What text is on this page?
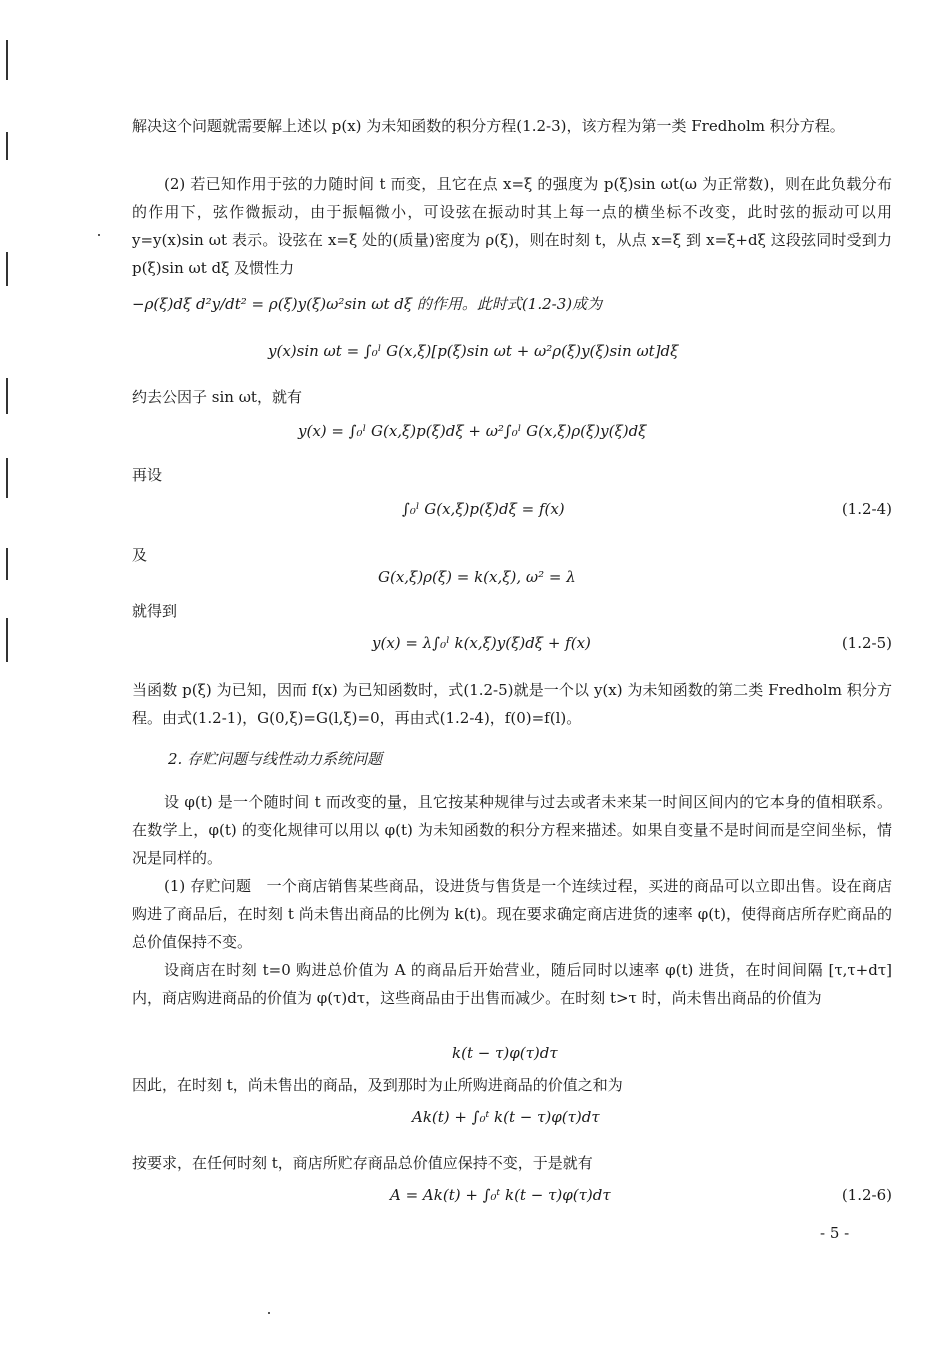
解决这个问题就需要解上述以 p(x) 为未知函数的积分方程(1.2-3)，该方程为第一类 Fredholm 积分方程。
(2) 若已知作用于弦的力随时间 t 而变，且它在点 x=ξ 的强度为 p(ξ)sin ωt(ω 为正常数)，则在此负载分布的作用下，弦作微振动，由于振幅微小，可设弦在振动时其上每一点的横坐标不改变，此时弦的振动可以用 y=y(x)sin ωt 表示。设弦在 x=ξ 处的(质量)密度为 ρ(ξ)，则在时刻 t，从点 x=ξ 到 x=ξ+dξ 这段弦同时受到力 p(ξ)sin ωt dξ 及惯性力
−ρ(ξ)dξ d²y/dt² = ρ(ξ)y(ξ)ω²sin ωt dξ 的作用。此时式(1.2-3)成为
y(x)sin ωt = ∫₀ˡ G(x,ξ)[p(ξ)sin ωt + ω²ρ(ξ)y(ξ)sin ωt]dξ
约去公因子 sin ωt，就有
y(x) = ∫₀ˡ G(x,ξ)p(ξ)dξ + ω²∫₀ˡ G(x,ξ)ρ(ξ)y(ξ)dξ
再设
∫₀ˡ G(x,ξ)p(ξ)dξ = f(x)	(1.2-4)
及
G(x,ξ)ρ(ξ) = k(x,ξ), ω² = λ
就得到
y(x) = λ∫₀ˡ k(x,ξ)y(ξ)dξ + f(x)	(1.2-5)
当函数 p(ξ) 为已知，因而 f(x) 为已知函数时，式(1.2-5)就是一个以 y(x) 为未知函数的第二类 Fredholm 积分方程。由式(1.2-1)，G(0,ξ)=G(l,ξ)=0，再由式(1.2-4)，f(0)=f(l)。
2. 存贮问题与线性动力系统问题
设 φ(t) 是一个随时间 t 而改变的量，且它按某种规律与过去或者未来某一时间区间内的它本身的值相联系。在数学上，φ(t) 的变化规律可以用以 φ(t) 为未知函数的积分方程来描述。如果自变量不是时间而是空间坐标，情况是同样的。
(1) 存贮问题　一个商店销售某些商品，设进货与售货是一个连续过程，买进的商品可以立即出售。设在商店购进了商品后，在时刻 t 尚未售出商品的比例为 k(t)。现在要求确定商店进货的速率 φ(t)，使得商店所存贮商品的总价值保持不变。
设商店在时刻 t=0 购进总价值为 A 的商品后开始营业，随后同时以速率 φ(t) 进货，在时间间隔 [τ,τ+dτ] 内，商店购进商品的价值为 φ(τ)dτ，这些商品由于出售而减少。在时刻 t>τ 时，尚未售出商品的价值为
k(t − τ)φ(τ)dτ
因此，在时刻 t，尚未售出的商品，及到那时为止所购进商品的价值之和为
Ak(t) + ∫₀ᵗ k(t − τ)φ(τ)dτ
按要求，在任何时刻 t，商店所贮存商品总价值应保持不变，于是就有
A = Ak(t) + ∫₀ᵗ k(t − τ)φ(τ)dτ	(1.2-6)
- 5 -
